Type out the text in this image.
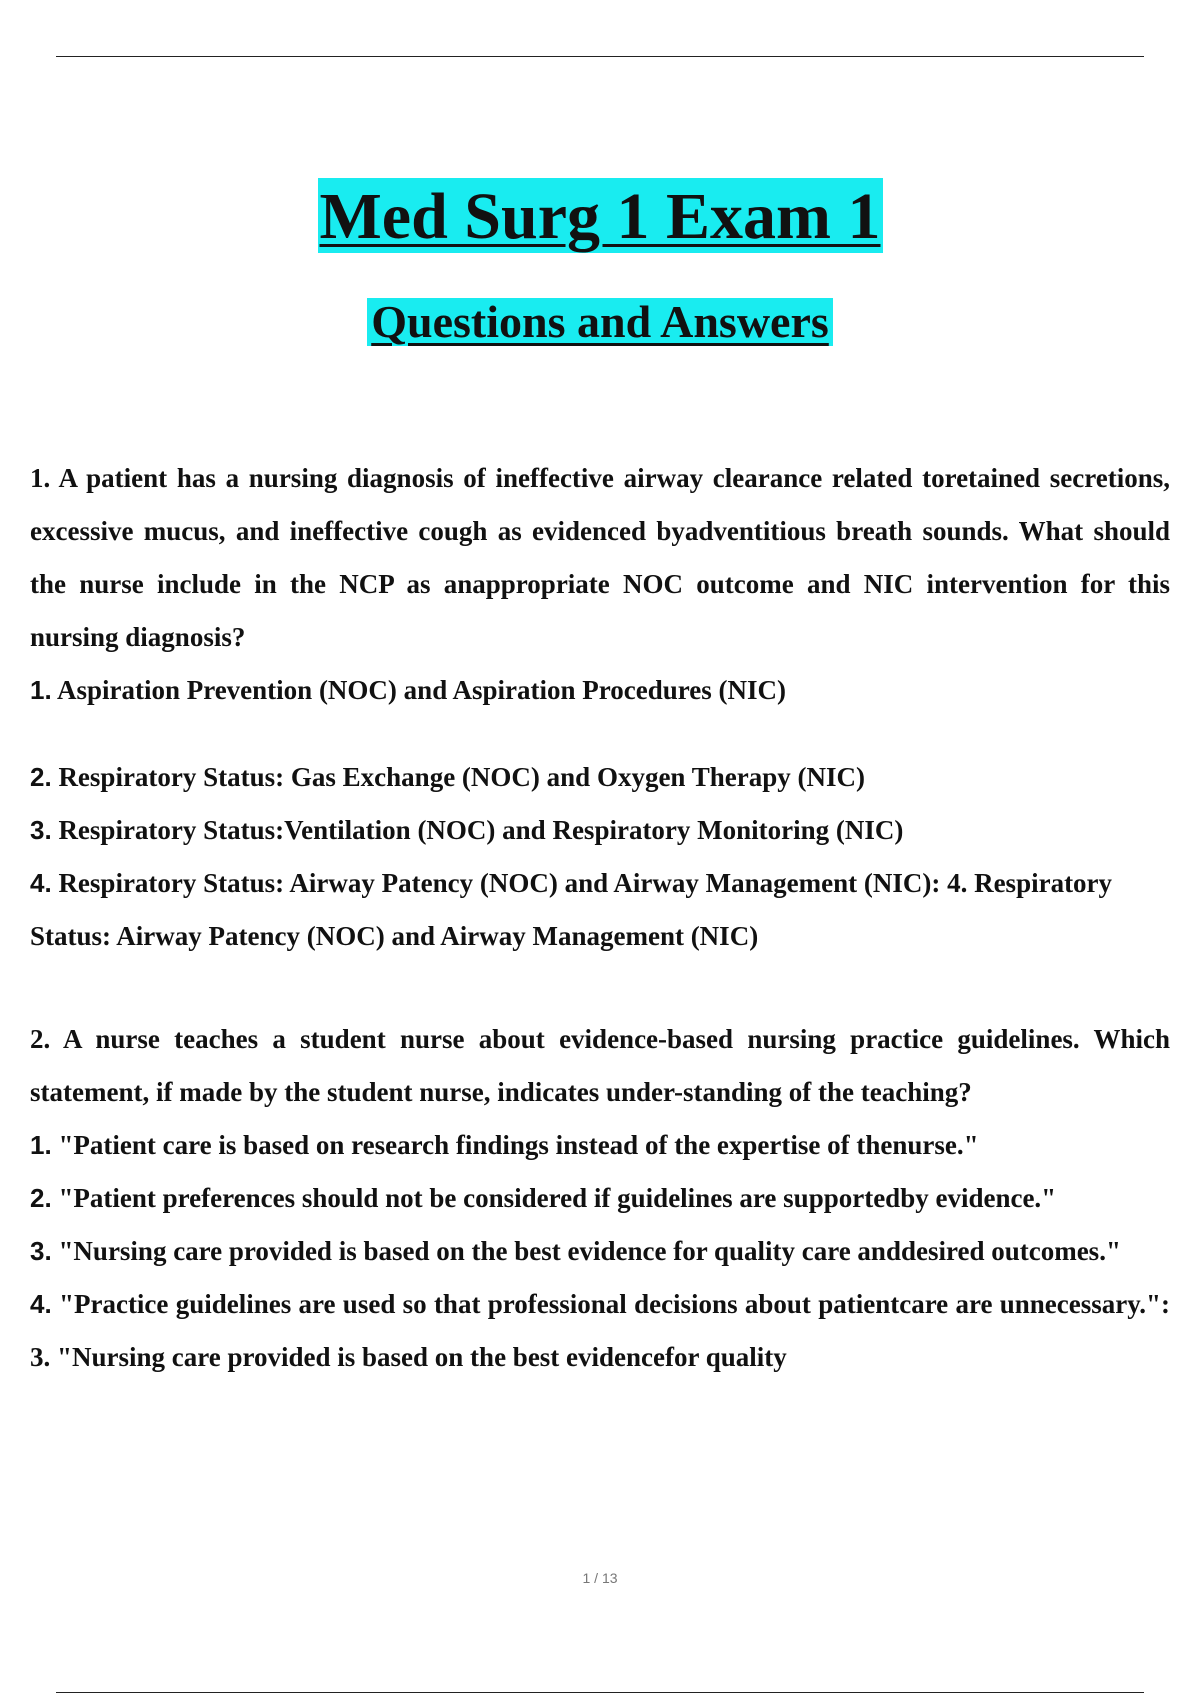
Med Surg 1 Exam 1
Questions and Answers

1. A patient has a nursing diagnosis of ineffective airway clearance related toretained secretions, excessive mucus, and ineffective cough as evidenced byadventitious breath sounds. What should the nurse include in the NCP as anappropriate NOC outcome and NIC intervention for this nursing diagnosis?

1. Aspiration Prevention (NOC) and Aspiration Procedures (NIC)

2. Respiratory Status: Gas Exchange (NOC) and Oxygen Therapy (NIC)

3. Respiratory Status:Ventilation (NOC) and Respiratory Monitoring (NIC)

4. Respiratory Status: Airway Patency (NOC) and Airway Management (NIC): 4. Respiratory Status: Airway Patency (NOC) and Airway Management (NIC)

2. A nurse teaches a student nurse about evidence-based nursing practice guidelines. Which statement, if made by the student nurse, indicates under-standing of the teaching?

1. "Patient care is based on research findings instead of the expertise of thenurse."

2. "Patient preferences should not be considered if guidelines are supportedby evidence."

3. "Nursing care provided is based on the best evidence for quality care anddesired outcomes."

4. "Practice guidelines are used so that professional decisions about patientcare are unnecessary.": 3. "Nursing care provided is based on the best evidencefor quality

1 / 13
